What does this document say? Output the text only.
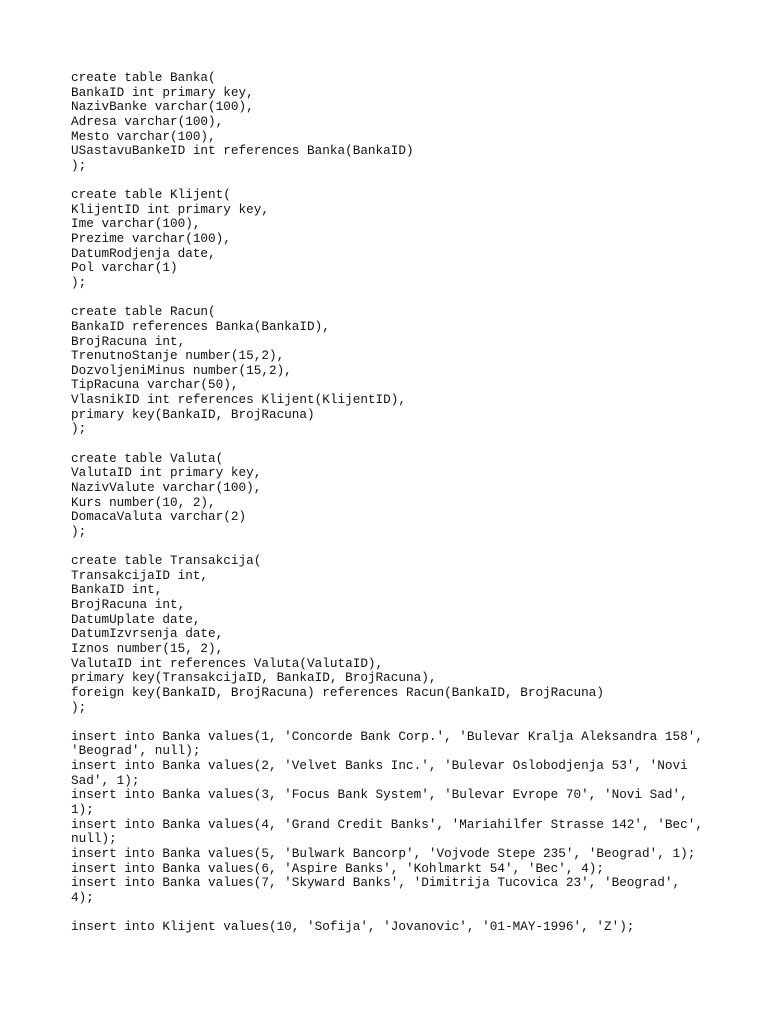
create table Banka(
BankaID int primary key,
NazivBanke varchar(100),
Adresa varchar(100),
Mesto varchar(100),
USastavuBankeID int references Banka(BankaID)
);
create table Klijent(
KlijentID int primary key,
Ime varchar(100),
Prezime varchar(100),
DatumRodjenja date,
Pol varchar(1)
);
create table Racun(
BankaID references Banka(BankaID),
BrojRacuna int,
TrenutnoStanje number(15,2),
DozvoljeniMinus number(15,2),
TipRacuna varchar(50),
VlasnikID int references Klijent(KlijentID),
primary key(BankaID, BrojRacuna)
);
create table Valuta(
ValutaID int primary key,
NazivValute varchar(100),
Kurs number(10, 2),
DomacaValuta varchar(2)
);
create table Transakcija(
TransakcijaID int,
BankaID int,
BrojRacuna int,
DatumUplate date,
DatumIzvrsenja date,
Iznos number(15, 2),
ValutaID int references Valuta(ValutaID),
primary key(TransakcijaID, BankaID, BrojRacuna),
foreign key(BankaID, BrojRacuna) references Racun(BankaID, BrojRacuna)
);
insert into Banka values(1, 'Concorde Bank Corp.', 'Bulevar Kralja Aleksandra 158',
'Beograd', null);
insert into Banka values(2, 'Velvet Banks Inc.', 'Bulevar Oslobodjenja 53', 'Novi
Sad', 1);
insert into Banka values(3, 'Focus Bank System', 'Bulevar Evrope 70', 'Novi Sad',
1);
insert into Banka values(4, 'Grand Credit Banks', 'Mariahilfer Strasse 142', 'Bec',
null);
insert into Banka values(5, 'Bulwark Bancorp', 'Vojvode Stepe 235', 'Beograd', 1);
insert into Banka values(6, 'Aspire Banks', 'Kohlmarkt 54', 'Bec', 4);
insert into Banka values(7, 'Skyward Banks', 'Dimitrija Tucovica 23', 'Beograd',
4);
insert into Klijent values(10, 'Sofija', 'Jovanovic', '01-MAY-1996', 'Z');
